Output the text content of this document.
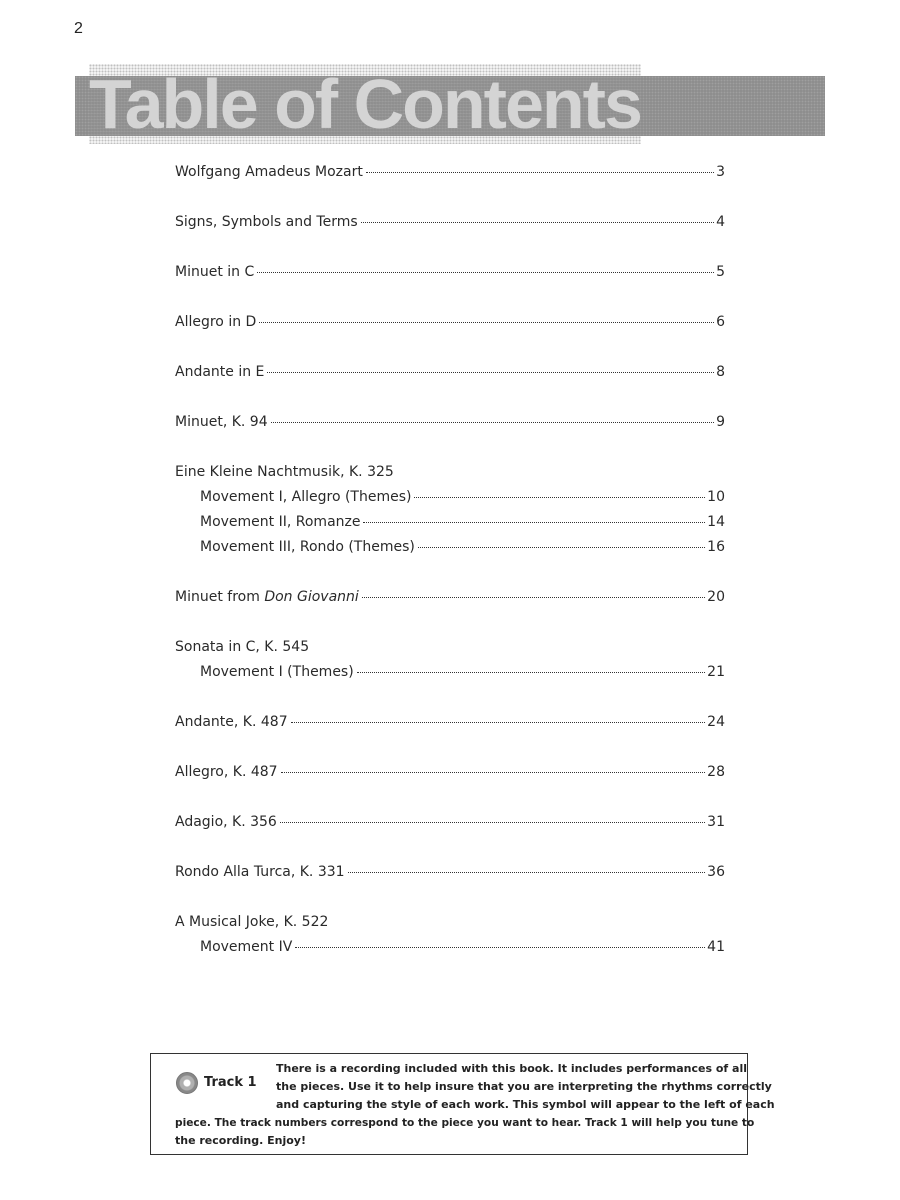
2
Table of Contents
Wolfgang Amadeus Mozart	3
Signs, Symbols and Terms	4
Minuet in C	5
Allegro in D	6
Andante in E	8
Minuet, K. 94	9
Eine Kleine Nachtmusik, K. 325
Movement I, Allegro (Themes)	10
Movement II, Romanze	14
Movement III, Rondo (Themes)	16
Minuet from Don Giovanni	20
Sonata in C, K. 545
Movement I (Themes)	21
Andante, K. 487	24
Allegro, K. 487	28
Adagio, K. 356	31
Rondo Alla Turca, K. 331	36
A Musical Joke, K. 522
Movement IV	41
Track 1
There is a recording included with this book. It includes performances of all
the pieces. Use it to help insure that you are interpreting the rhythms correctly
and capturing the style of each work. This symbol will appear to the left of each
piece. The track numbers correspond to the piece you want to hear. Track 1 will help you tune to
the recording. Enjoy!
